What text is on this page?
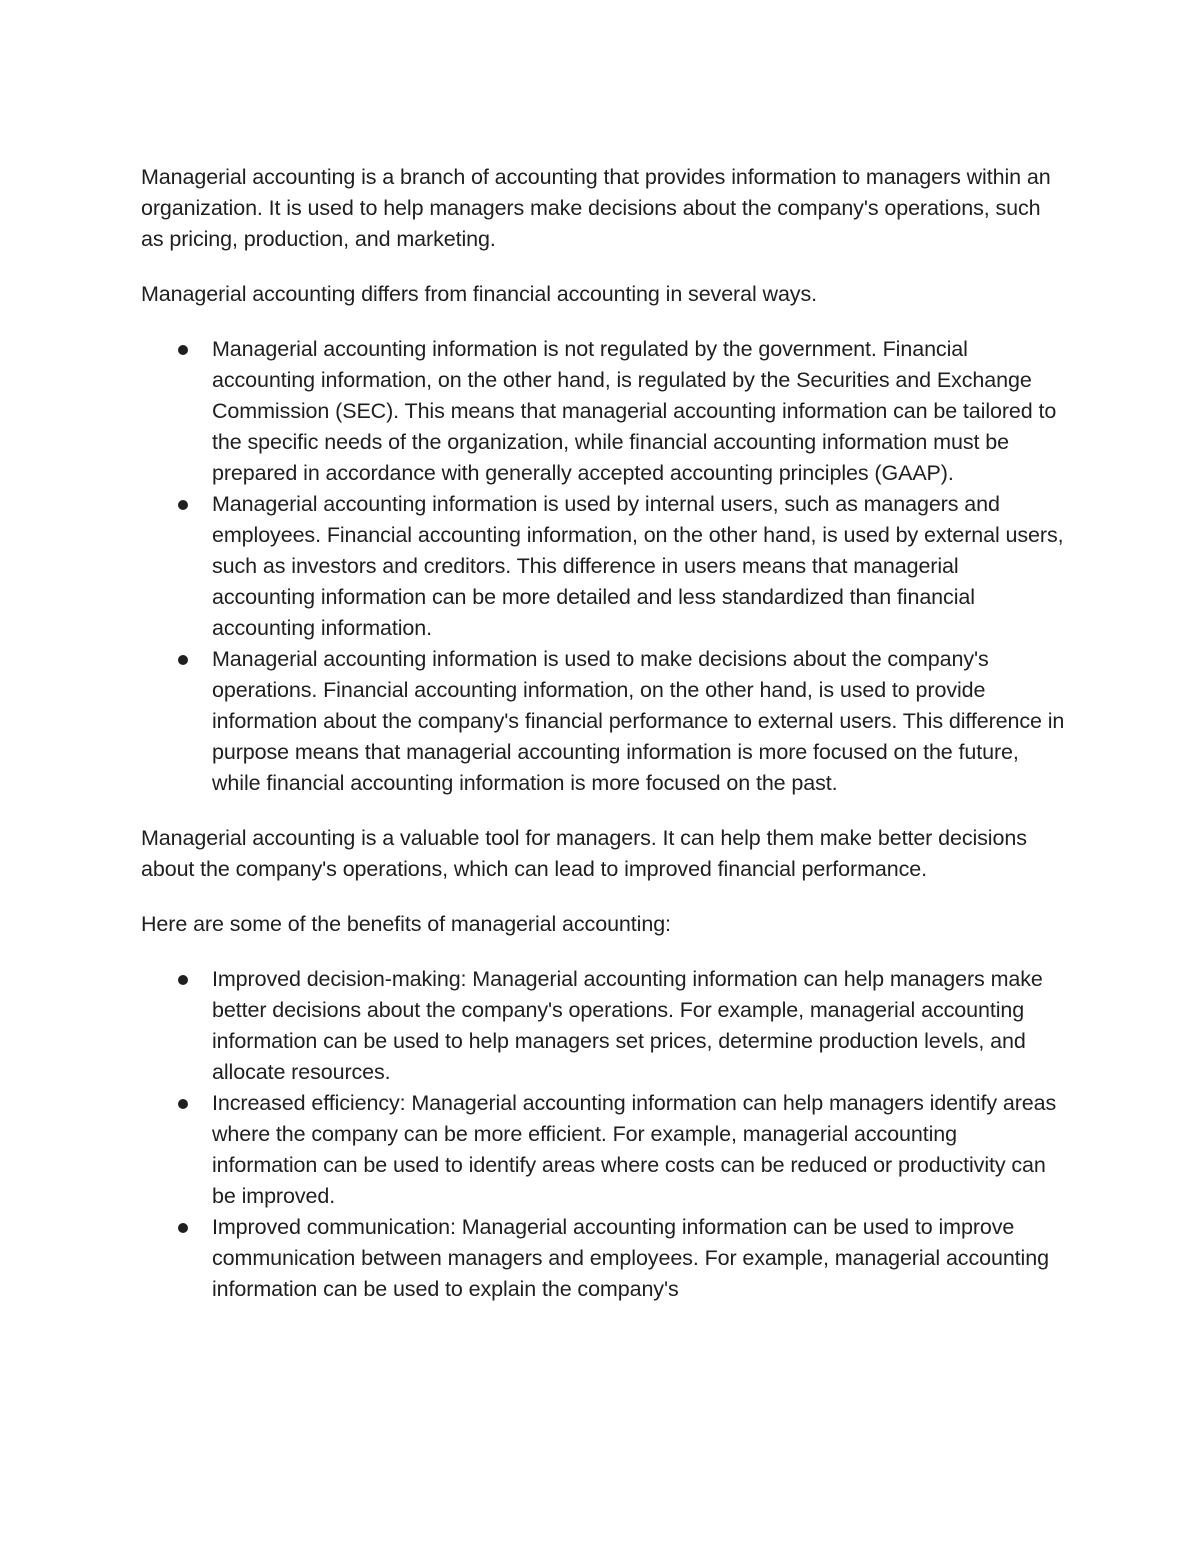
Managerial accounting is a branch of accounting that provides information to managers within an organization. It is used to help managers make decisions about the company's operations, such as pricing, production, and marketing.

Managerial accounting differs from financial accounting in several ways.

Managerial accounting information is not regulated by the government. Financial accounting information, on the other hand, is regulated by the Securities and Exchange Commission (SEC). This means that managerial accounting information can be tailored to the specific needs of the organization, while financial accounting information must be prepared in accordance with generally accepted accounting principles (GAAP).
Managerial accounting information is used by internal users, such as managers and employees. Financial accounting information, on the other hand, is used by external users, such as investors and creditors. This difference in users means that managerial accounting information can be more detailed and less standardized than financial accounting information.
Managerial accounting information is used to make decisions about the company's operations. Financial accounting information, on the other hand, is used to provide information about the company's financial performance to external users. This difference in purpose means that managerial accounting information is more focused on the future, while financial accounting information is more focused on the past.

Managerial accounting is a valuable tool for managers. It can help them make better decisions about the company's operations, which can lead to improved financial performance.

Here are some of the benefits of managerial accounting:

Improved decision-making: Managerial accounting information can help managers make better decisions about the company's operations. For example, managerial accounting information can be used to help managers set prices, determine production levels, and allocate resources.
Increased efficiency: Managerial accounting information can help managers identify areas where the company can be more efficient. For example, managerial accounting information can be used to identify areas where costs can be reduced or productivity can be improved.
Improved communication: Managerial accounting information can be used to improve communication between managers and employees. For example, managerial accounting information can be used to explain the company's
